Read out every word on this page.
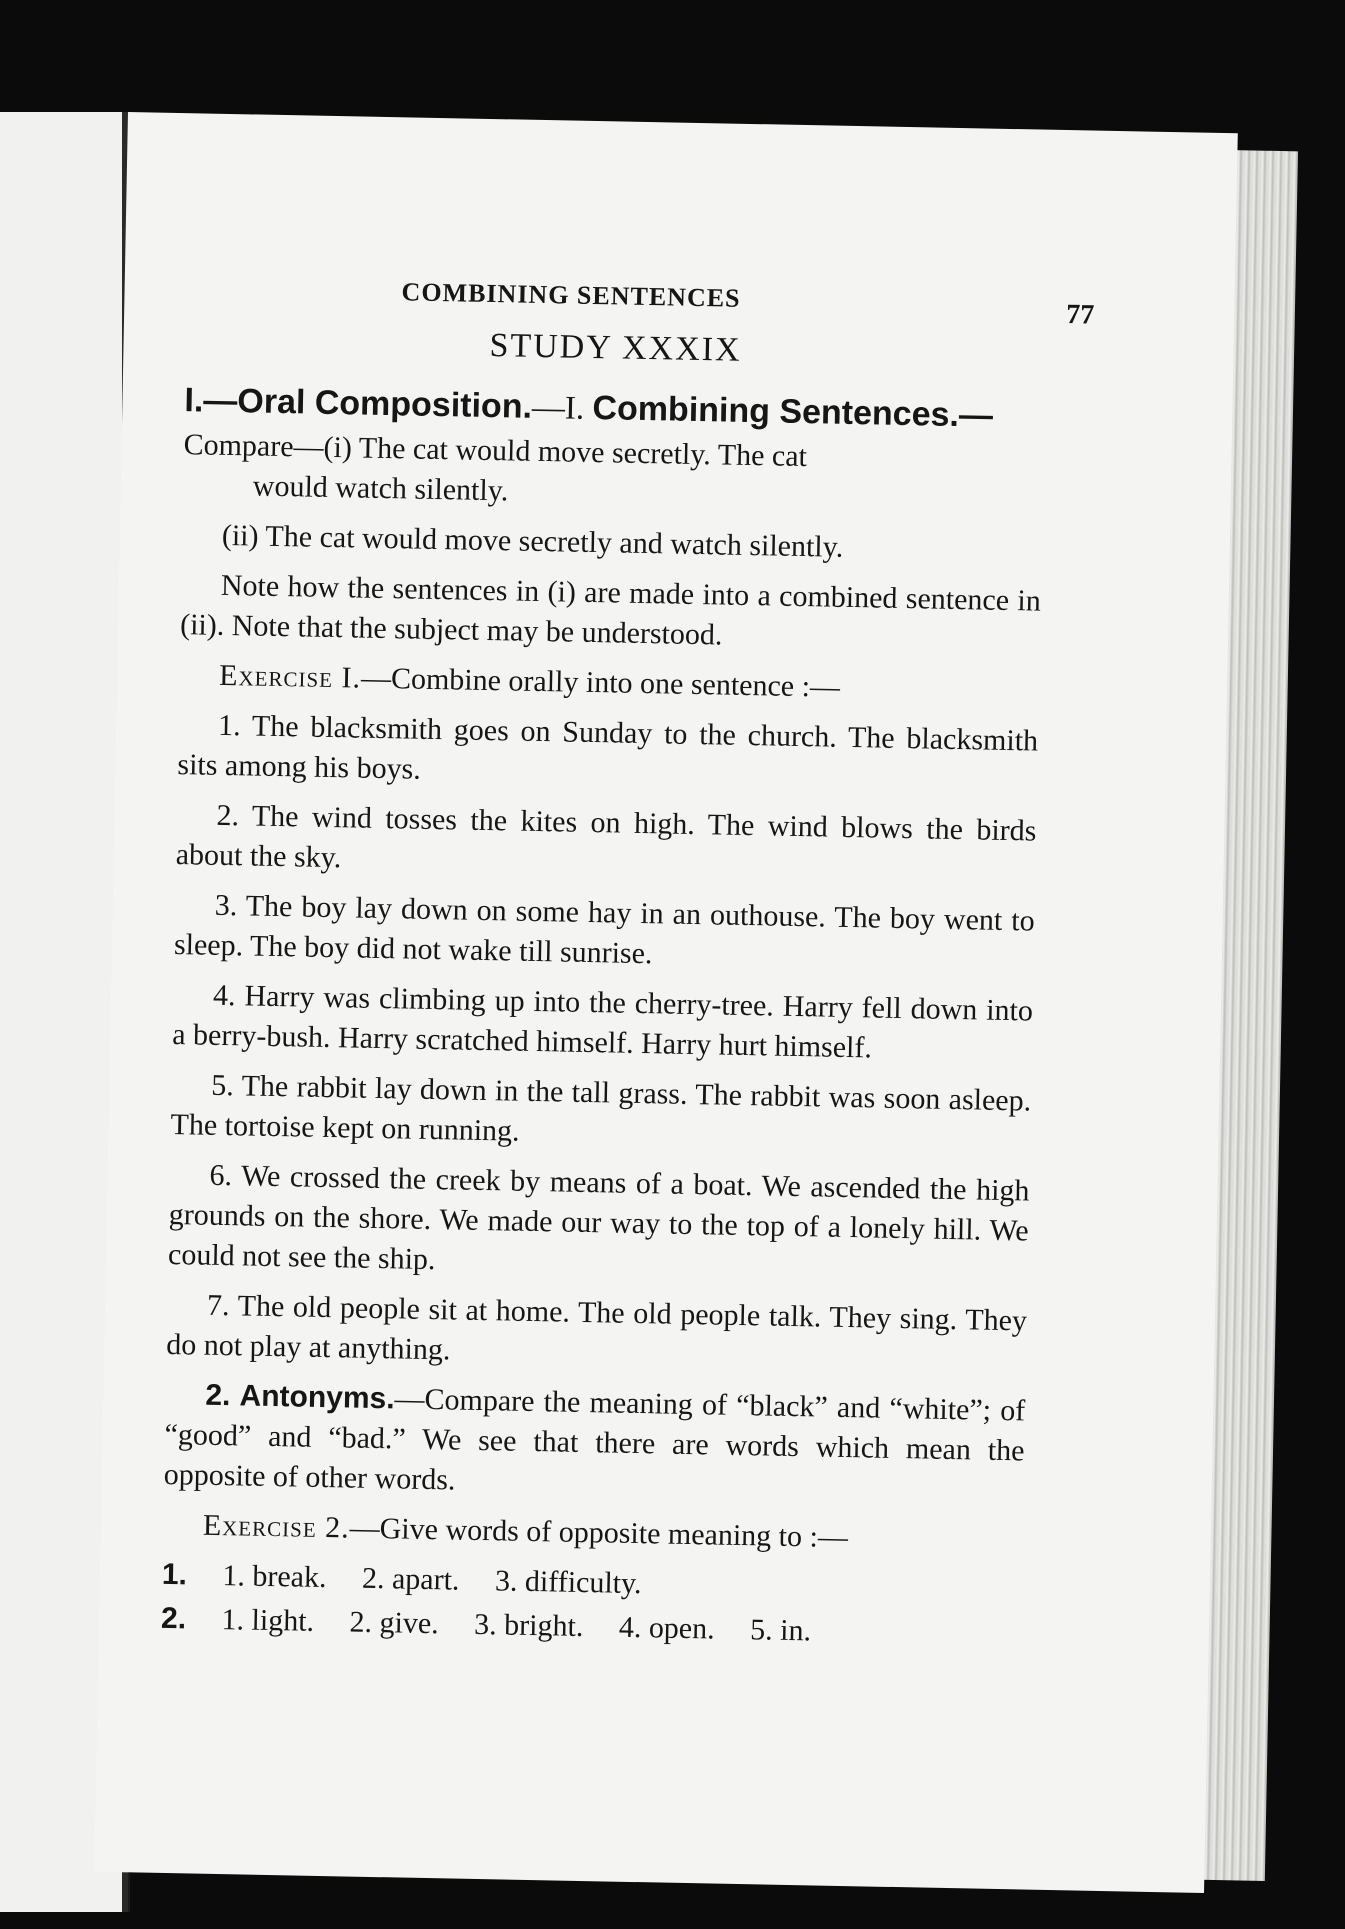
COMBINING SENTENCES
77
STUDY XXXIX
I.—Oral Composition.—I. Combining Sentences.—

Compare—(i) The cat would move secretly. The cat

would watch silently.

(ii) The cat would move secretly and watch silently.

Note how the sentences in (i) are made into a combined sentence in (ii). Note that the subject may be understood.

Exercise I.—Combine orally into one sentence :—

1. The blacksmith goes on Sunday to the church. The blacksmith sits among his boys.

2. The wind tosses the kites on high. The wind blows the birds about the sky.

3. The boy lay down on some hay in an outhouse. The boy went to sleep. The boy did not wake till sunrise.

4. Harry was climbing up into the cherry-tree. Harry fell down into a berry-bush. Harry scratched himself. Harry hurt himself.

5. The rabbit lay down in the tall grass. The rabbit was soon asleep. The tortoise kept on running.

6. We crossed the creek by means of a boat. We ascended the high grounds on the shore. We made our way to the top of a lonely hill. We could not see the ship.

7. The old people sit at home. The old people talk. They sing. They do not play at anything.

2. Antonyms.—Compare the meaning of “black” and “white”; of “good” and “bad.” We see that there are words which mean the opposite of other words.

Exercise 2.—Give words of opposite meaning to :—

1. 1. break. 2. apart. 3. difficulty.
2. 1. light. 2. give. 3. bright. 4. open. 5. in.
